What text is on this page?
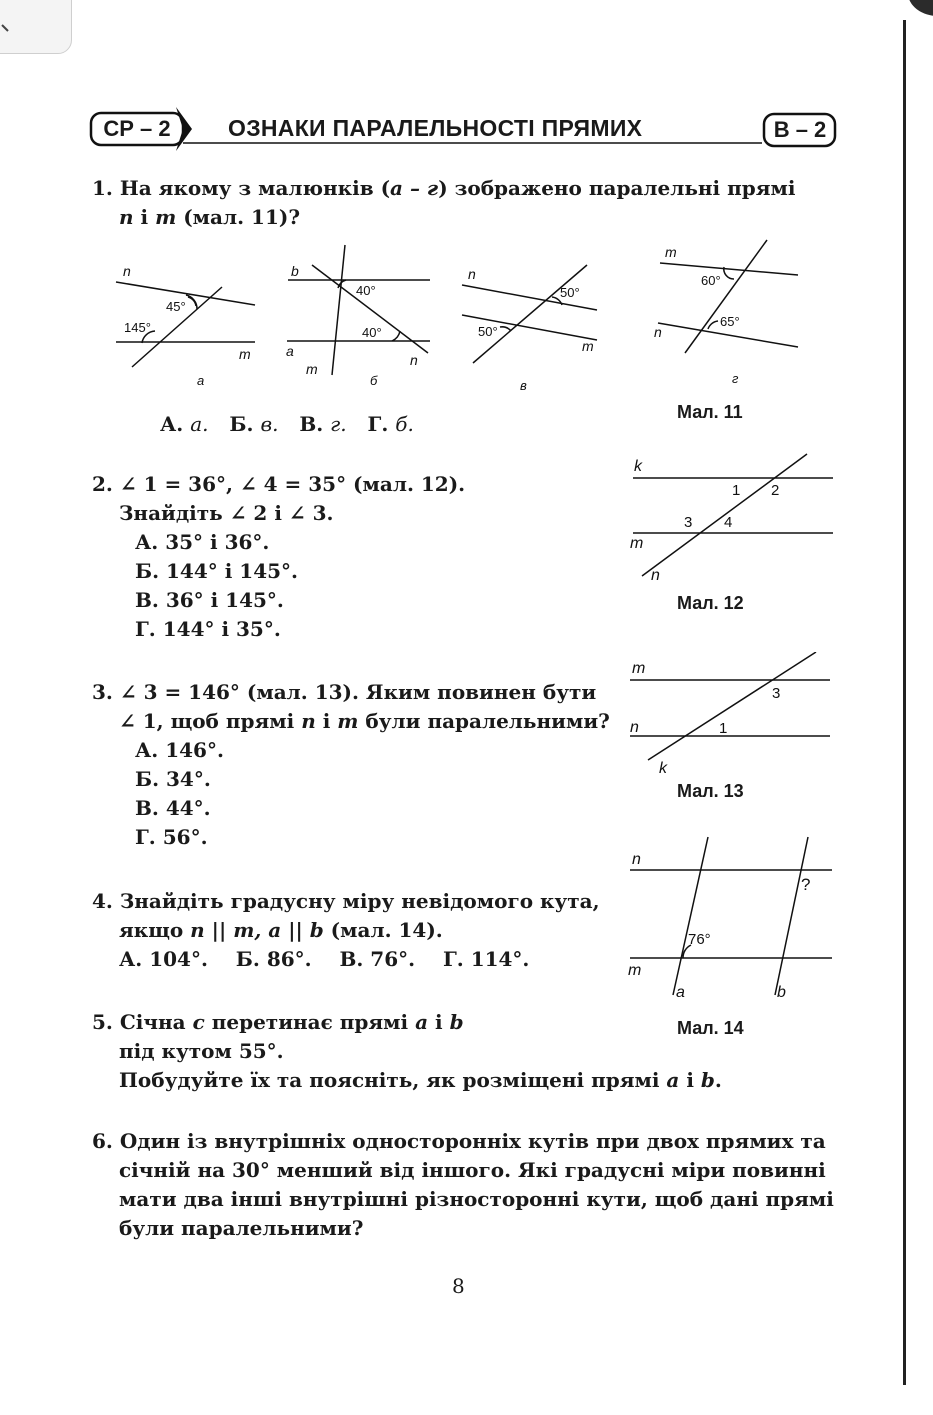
СР – 2	ОЗНАКИ ПАРАЛЕЛЬНОСТІ ПРЯМИХ	В – 2
1. На якому з малюнків (а – г) зображено паралельні прямі
n і m (мал. 11)?
n
45°
145°
m
а
b
40°
40°
a
m
n
б
n
50°
50°
m
в
m
60°
65°
n
г
А. а. Б. в. В. г. Г. б.	Мал. 11
2. ∠ 1 = 36°, ∠ 4 = 35° (мал. 12).
Знайдіть ∠ 2 і ∠ 3.
А. 35° і 36°.
Б. 144° і 145°.
В. 36° і 145°.
Г. 144° і 35°.
k
1 2
3 4
m
n
Мал. 12
3. ∠ 3 = 146° (мал. 13). Яким повинен бути
∠ 1, щоб прямі n і m були паралельними?
А. 146°.
Б. 34°.
В. 44°.
Г. 56°.
m
3
n	1
k
Мал. 13
4. Знайдіть градусну міру невідомого кута,
якщо n || m, a || b (мал. 14).
А. 104°. Б. 86°. В. 76°. Г. 114°.
n
?
76°
m
a	b
Мал. 14
5. Січна c перетинає прямі a і b
під кутом 55°.
Побудуйте їх та поясніть, як розміщені прямі a і b.
6. Один із внутрішніх односторонніх кутів при двох прямих та
січній на 30° менший від іншого. Які градусні міри повинні
мати два інші внутрішні різносторонні кути, щоб дані прямі
були паралельними?
8
